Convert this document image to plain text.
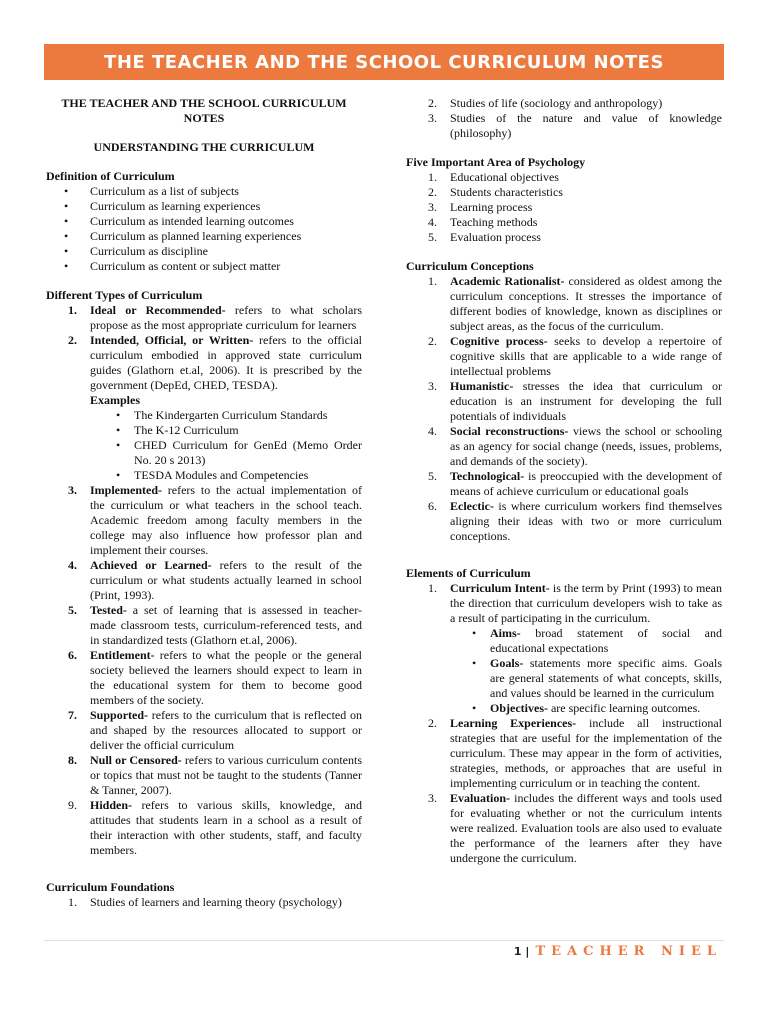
THE TEACHER AND THE SCHOOL CURRICULUM NOTES

THE TEACHER AND THE SCHOOL CURRICULUM NOTES

UNDERSTANDING THE CURRICULUM

Definition of Curriculum

• Curriculum as a list of subjects
• Curriculum as learning experiences
• Curriculum as intended learning outcomes
• Curriculum as planned learning experiences
• Curriculum as discipline
• Curriculum as content or subject matter

Different Types of Curriculum

1. Ideal or Recommended- refers to what scholars propose as the most appropriate curriculum for learners
2. Intended, Official, or Written- refers to the official curriculum embodied in approved state curriculum guides (Glathorn et.al, 2006). It is prescribed by the government (DepEd, CHED, TESDA).

Examples

• The Kindergarten Curriculum Standards
• The K-12 Curriculum
• CHED Curriculum for GenEd (Memo Order No. 20 s 2013)
• TESDA Modules and Competencies
3. Implemented- refers to the actual implementation of the curriculum or what teachers in the school teach. Academic freedom among faculty members in the college may also influence how professor plan and implement their courses.
4. Achieved or Learned- refers to the result of the curriculum or what students actually learned in school (Print, 1993).
5. Tested- a set of learning that is assessed in teacher-made classroom tests, curriculum-referenced tests, and in standardized tests (Glathorn et.al, 2006).
6. Entitlement- refers to what the people or the general society believed the learners should expect to learn in the educational system for them to become good members of the society.
7. Supported- refers to the curriculum that is reflected on and shaped by the resources allocated to support or deliver the official curriculum
8. Null or Censored- refers to various curriculum contents or topics that must not be taught to the students (Tanner & Tanner, 2007).
9. Hidden- refers to various skills, knowledge, and attitudes that students learn in a school as a result of their interaction with other students, staff, and faculty members.

Curriculum Foundations

1. Studies of learners and learning theory (psychology)
2. Studies of life (sociology and anthropology)
3. Studies of the nature and value of knowledge (philosophy)

Five Important Area of Psychology

1. Educational objectives
2. Students characteristics
3. Learning process
4. Teaching methods
5. Evaluation process

Curriculum Conceptions

1. Academic Rationalist- considered as oldest among the curriculum conceptions. It stresses the importance of different bodies of knowledge, known as disciplines or subject areas, as the focus of the curriculum.
2. Cognitive process- seeks to develop a repertoire of cognitive skills that are applicable to a wide range of intellectual problems
3. Humanistic- stresses the idea that curriculum or education is an instrument for developing the full potentials of individuals
4. Social reconstructions- views the school or schooling as an agency for social change (needs, issues, problems, and demands of the society).
5. Technological- is preoccupied with the development of means of achieve curriculum or educational goals
6. Eclectic- is where curriculum workers find themselves aligning their ideas with two or more curriculum conceptions.

Elements of Curriculum

1. Curriculum Intent- is the term by Print (1993) to mean the direction that curriculum developers wish to take as a result of participating in the curriculum.
• Aims- broad statement of social and educational expectations
• Goals- statements more specific aims. Goals are general statements of what concepts, skills, and values should be learned in the curriculum
• Objectives- are specific learning outcomes.
2. Learning Experiences- include all instructional strategies that are useful for the implementation of the curriculum. These may appear in the form of activities, strategies, methods, or approaches that are useful in implementing curriculum or in teaching the content.
3. Evaluation- includes the different ways and tools used for evaluating whether or not the curriculum intents were realized. Evaluation tools are also used to evaluate the performance of the learners after they have undergone the curriculum.
1 | TEACHER NIEL
